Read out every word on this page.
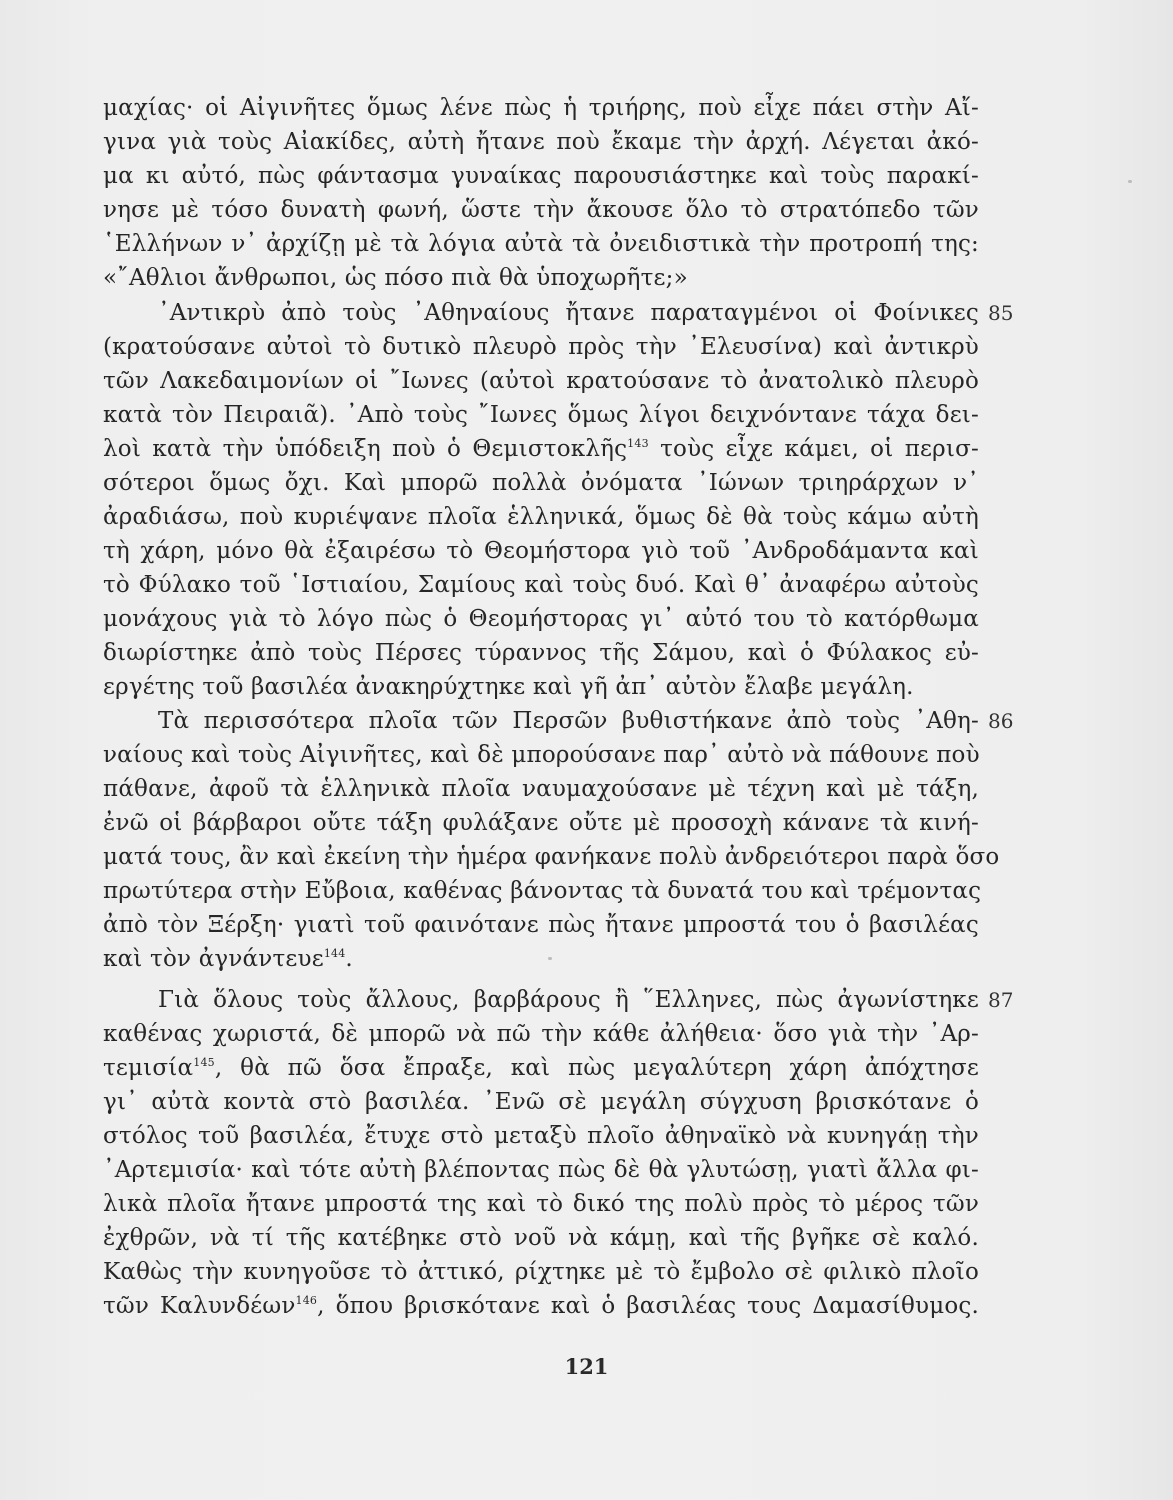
μαχίας· οἱ Αἰγινῆτες ὅμως λένε πὼς ἡ τριήρης, ποὺ εἶχε πάει στὴν Αἴ-
γινα γιὰ τοὺς Αἰακίδες, αὐτὴ ἤτανε ποὺ ἔκαμε τὴν ἀρχή. Λέγεται ἀκό-
μα κι αὐτό, πὼς φάντασμα γυναίκας παρουσιάστηκε καὶ τοὺς παρακί-
νησε μὲ τόσο δυνατὴ φωνή, ὥστε τὴν ἄκουσε ὅλο τὸ στρατόπεδο τῶν
῾Ελλήνων ν᾿ ἀρχίζῃ μὲ τὰ λόγια αὐτὰ τὰ ὀνειδιστικὰ τὴν προτροπή της:
«῎Αθλιοι ἄνθρωποι, ὡς πόσο πιὰ θὰ ὑποχωρῆτε;»
᾿Αντικρὺ ἀπὸ τοὺς ᾿Αθηναίους ἤτανε παραταγμένοι οἱ Φοίνικες 85
(κρατούσανε αὐτοὶ τὸ δυτικὸ πλευρὸ πρὸς τὴν ᾿Ελευσίνα) καὶ ἀντικρὺ
τῶν Λακεδαιμονίων οἱ ῎Ιωνες (αὐτοὶ κρατούσανε τὸ ἀνατολικὸ πλευρὸ
κατὰ τὸν Πειραιᾶ). ᾿Απὸ τοὺς ῎Ιωνες ὅμως λίγοι δειχνόντανε τάχα δει-
λοὶ κατὰ τὴν ὑπόδειξη ποὺ ὁ Θεμιστοκλῆς$^{143}$ τοὺς εἶχε κάμει, οἱ περισ-
σότεροι ὅμως ὄχι. Καὶ μπορῶ πολλὰ ὀνόματα ᾿Ιώνων τριηράρχων ν᾿
ἀραδιάσω, ποὺ κυριέψανε πλοῖα ἑλληνικά, ὅμως δὲ θὰ τοὺς κάμω αὐτὴ
τὴ χάρη, μόνο θὰ ἐξαιρέσω τὸ Θεομήστορα γιὸ τοῦ ᾿Ανδροδάμαντα καὶ
τὸ Φύλακο τοῦ ῾Ιστιαίου, Σαμίους καὶ τοὺς δυό. Καὶ θ᾿ ἀναφέρω αὐτοὺς
μονάχους γιὰ τὸ λόγο πὼς ὁ Θεομήστορας γι᾿ αὐτό του τὸ κατόρθωμα
διωρίστηκε ἀπὸ τοὺς Πέρσες τύραννος τῆς Σάμου, καὶ ὁ Φύλακος εὐ-
εργέτης τοῦ βασιλέα ἀνακηρύχτηκε καὶ γῆ ἀπ᾿ αὐτὸν ἔλαβε μεγάλη.
Τὰ περισσότερα πλοῖα τῶν Περσῶν βυθιστήκανε ἀπὸ τοὺς ᾿Αθη- 86
ναίους καὶ τοὺς Αἰγινῆτες, καὶ δὲ μπορούσανε παρ᾿ αὐτὸ νὰ πάθουνε ποὺ
πάθανε, ἀφοῦ τὰ ἑλληνικὰ πλοῖα ναυμαχούσανε μὲ τέχνη καὶ μὲ τάξη,
ἐνῶ οἱ βάρβαροι οὔτε τάξη φυλάξανε οὔτε μὲ προσοχὴ κάνανε τὰ κινή-
ματά τους, ἂν καὶ ἐκείνη τὴν ἡμέρα φανήκανε πολὺ ἀνδρειότεροι παρὰ ὅσο
πρωτύτερα στὴν Εὔβοια, καθένας βάνοντας τὰ δυνατά του καὶ τρέμοντας
ἀπὸ τὸν Ξέρξη· γιατὶ τοῦ φαινότανε πὼς ἤτανε μπροστά του ὁ βασιλέας
καὶ τὸν ἀγνάντευε$^{144}$.
Γιὰ ὅλους τοὺς ἄλλους, βαρβάρους ἢ ῞Ελληνες, πὼς ἀγωνίστηκε 87
καθένας χωριστά, δὲ μπορῶ νὰ πῶ τὴν κάθε ἀλήθεια· ὅσο γιὰ τὴν ᾿Αρ-
τεμισία$^{145}$, θὰ πῶ ὅσα ἔπραξε, καὶ πὼς μεγαλύτερη χάρη ἀπόχτησε
γι᾿ αὐτὰ κοντὰ στὸ βασιλέα. ᾿Ενῶ σὲ μεγάλη σύγχυση βρισκότανε ὁ
στόλος τοῦ βασιλέα, ἔτυχε στὸ μεταξὺ πλοῖο ἀθηναϊκὸ νὰ κυνηγάῃ τὴν
᾿Αρτεμισία· καὶ τότε αὐτὴ βλέποντας πὼς δὲ θὰ γλυτώσῃ, γιατὶ ἄλλα φι-
λικὰ πλοῖα ἤτανε μπροστά της καὶ τὸ δικό της πολὺ πρὸς τὸ μέρος τῶν
ἐχθρῶν, νὰ τί τῆς κατέβηκε στὸ νοῦ νὰ κάμῃ, καὶ τῆς βγῆκε σὲ καλό.
Καθὼς τὴν κυνηγοῦσε τὸ ἀττικό, ρίχτηκε μὲ τὸ ἔμβολο σὲ φιλικὸ πλοῖο
τῶν Καλυνδέων$^{146}$, ὅπου βρισκότανε καὶ ὁ βασιλέας τους Δαμασίθυμος.
121
